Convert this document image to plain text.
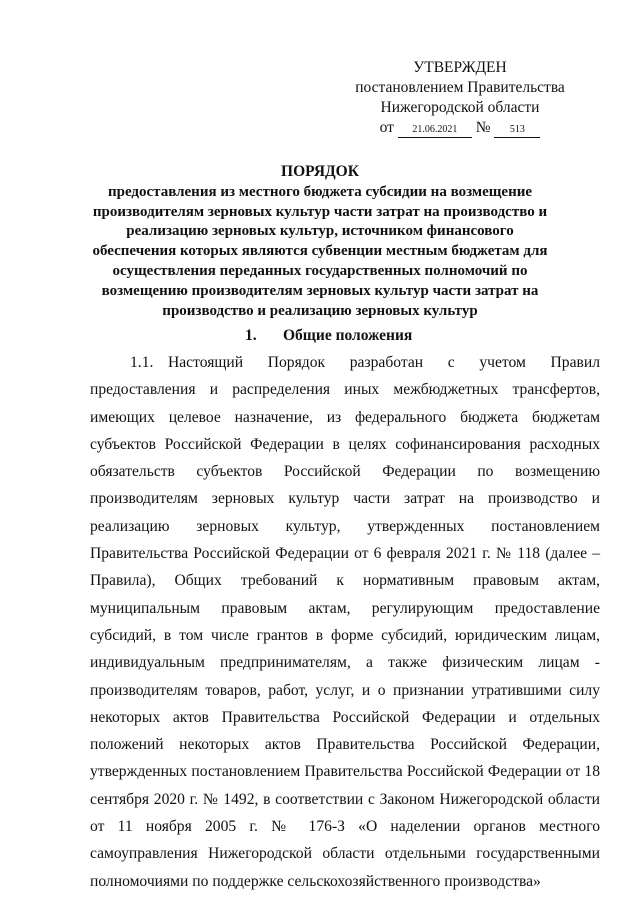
УТВЕРЖДЕН
постановлением Правительства
Нижегородской области
от 21.06.2021 № 513
ПОРЯДОК
предоставления из местного бюджета субсидии на возмещение производителям зерновых культур части затрат на производство и реализацию зерновых культур, источником финансового обеспечения которых являются субвенции местным бюджетам для осуществления переданных государственных полномочий по возмещению производителям зерновых культур части затрат на производство и реализацию зерновых культур
1. Общие положения
1.1. Настоящий Порядок разработан с учетом Правил предоставления и распределения иных межбюджетных трансфертов, имеющих целевое назначение, из федерального бюджета бюджетам субъектов Российской Федерации в целях софинансирования расходных обязательств субъектов Российской Федерации по возмещению производителям зерновых культур части затрат на производство и реализацию зерновых культур, утвержденных постановлением Правительства Российской Федерации от 6 февраля 2021 г. № 118 (далее – Правила), Общих требований к нормативным правовым актам, муниципальным правовым актам, регулирующим предоставление субсидий, в том числе грантов в форме субсидий, юридическим лицам, индивидуальным предпринимателям, а также физическим лицам - производителям товаров, работ, услуг, и о признании утратившими силу некоторых актов Правительства Российской Федерации и отдельных положений некоторых актов Правительства Российской Федерации, утвержденных постановлением Правительства Российской Федерации от 18 сентября 2020 г. № 1492, в соответствии с Законом Нижегородской области от 11 ноября 2005 г. № 176-З «О наделении органов местного самоуправления Нижегородской области отдельными государственными полномочиями по поддержке сельскохозяйственного производства»
